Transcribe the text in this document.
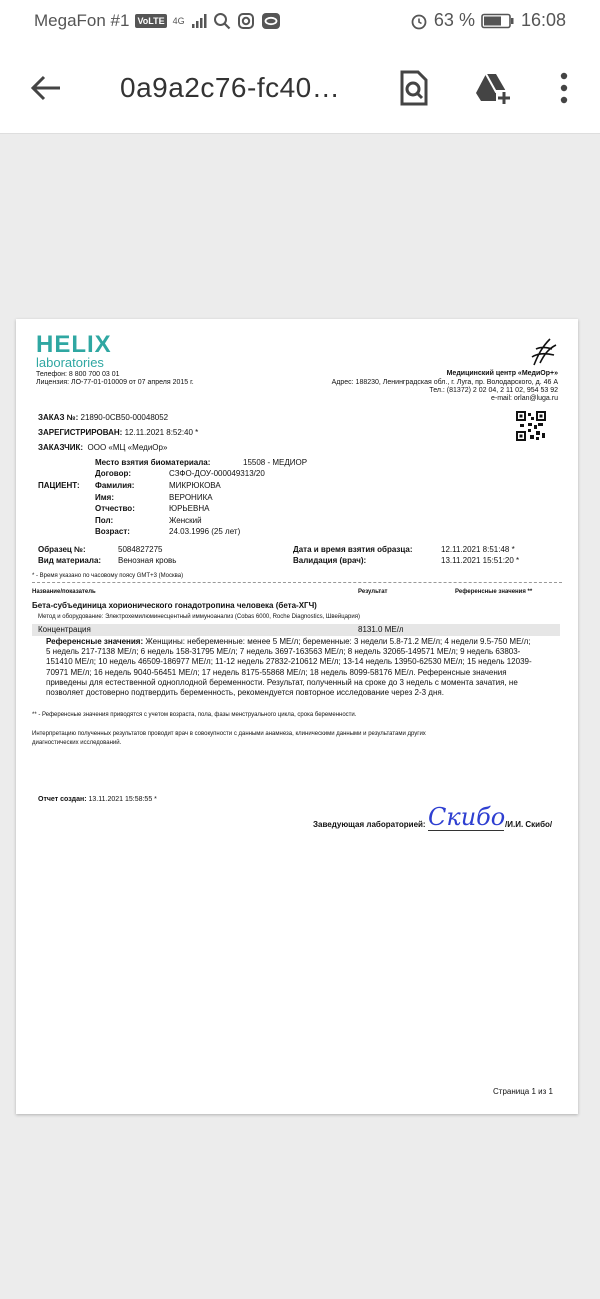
MegaFon #1 VoLTE 4G	63 %	16:08
0a9a2c76-fc40…
HELIX
laboratories
Телефон: 8 800 700 03 01
Лицензия: ЛО-77-01-010009 от 07 апреля 2015 г.
Медицинский центр «МедиОр+»
Адрес: 188230, Ленинградская обл., г. Луга, пр. Володарского, д. 46 А
Тел.: (81372) 2 02 04, 2 11 02, 954 53 92
e-mail: orlan@luga.ru
ЗАКАЗ №: 21890-0CB50-00048052
ЗАРЕГИСТРИРОВАН: 12.11.2021 8:52:40 *
ЗАКАЗЧИК: ООО «МЦ «МедиОр»
ПАЦИЕНТ:
Место взятия биоматериала:	15508 - МЕДИОР
Договор:	СЗФО-ДОУ-000049313/20
Фамилия:	МИКРЮКОВА
Имя:	ВЕРОНИКА
Отчество:	ЮРЬЕВНА
Пол:	Женский
Возраст:	24.03.1996 (25 лет)
Образец №:	5084827275
Вид материала: Венозная кровь
Дата и время взятия образца:	12.11.2021 8:51:48 *
Валидация (врач):	13.11.2021 15:51:20 *
* - Время указано по часовому поясу GMT+3 (Москва)
Название/показатель	Результат	Референсные значения **
Бета-субъединица хорионического гонадотропина человека (бета-ХГЧ)
Метод и оборудование: Электрохемилюминесцентный иммуноанализ (Cobas 6000, Roche Diagnostics, Швейцария)
Концентрация	8131.0 МЕ/л
Референсные значения: Женщины: небеременные: менее 5 МЕ/л; беременные: 3 недели 5.8-71.2 МЕ/л; 4 недели 9.5-750 МЕ/л; 5 недель 217-7138 МЕ/л; 6 недель 158-31795 МЕ/л; 7 недель 3697-163563 МЕ/л; 8 недель 32065-149571 МЕ/л; 9 недель 63803-151410 МЕ/л; 10 недель 46509-186977 МЕ/л; 11-12 недель 27832-210612 МЕ/л; 13-14 недель 13950-62530 МЕ/л; 15 недель 12039-70971 МЕ/л; 16 недель 9040-56451 МЕ/л; 17 недель 8175-55868 МЕ/л; 18 недель 8099-58176 МЕ/л. Референсные значения приведены для естественной одноплодной беременности. Результат, полученный на сроке до 3 недель с момента зачатия, не позволяет достоверно подтвердить беременность, рекомендуется повторное исследование через 2-3 дня.
** - Референсные значения приводятся с учетом возраста, пола, фазы менструального цикла, срока беременности.
Интерпретацию полученных результатов проводит врач в совокупности с данными анамнеза, клиническими данными и результатами других
диагностических исследований.
Отчет создан: 13.11.2021 15:58:55 *
Заведующая лабораторией: Скибо /И.И. Скибо/
Страница 1 из 1
